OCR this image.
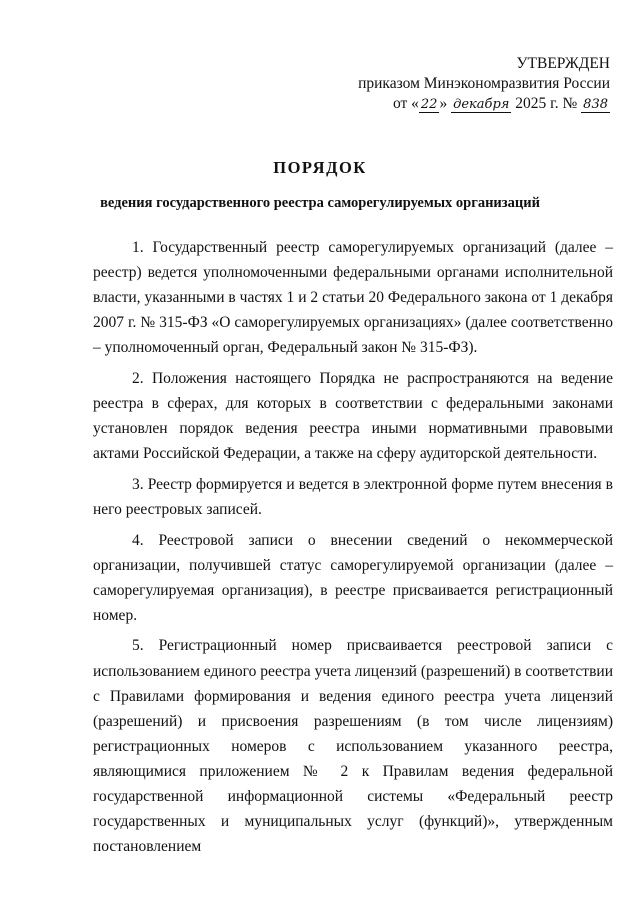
УТВЕРЖДЕН
приказом Минэкономразвития России
от « 22 » декабря 2025 г. № 838
ПОРЯДОК
ведения государственного реестра саморегулируемых организаций

1. Государственный реестр саморегулируемых организаций (далее – реестр) ведется уполномоченными федеральными органами исполнительной власти, указанными в частях 1 и 2 статьи 20 Федерального закона от 1 декабря 2007 г. № 315-ФЗ «О саморегулируемых организациях» (далее соответственно – уполномоченный орган, Федеральный закон № 315-ФЗ).

2. Положения настоящего Порядка не распространяются на ведение реестра в сферах, для которых в соответствии с федеральными законами установлен порядок ведения реестра иными нормативными правовыми актами Российской Федерации, а также на сферу аудиторской деятельности.

3. Реестр формируется и ведется в электронной форме путем внесения в него реестровых записей.

4. Реестровой записи о внесении сведений о некоммерческой организации, получившей статус саморегулируемой организации (далее – саморегулируемая организация), в реестре присваивается регистрационный номер.

5. Регистрационный номер присваивается реестровой записи с использованием единого реестра учета лицензий (разрешений) в соответствии с Правилами формирования и ведения единого реестра учета лицензий (разрешений) и присвоения разрешениям (в том числе лицензиям) регистрационных номеров с использованием указанного реестра, являющимися приложением № 2 к Правилам ведения федеральной государственной информационной системы «Федеральный реестр государственных и муниципальных услуг (функций)», утвержденным постановлением
